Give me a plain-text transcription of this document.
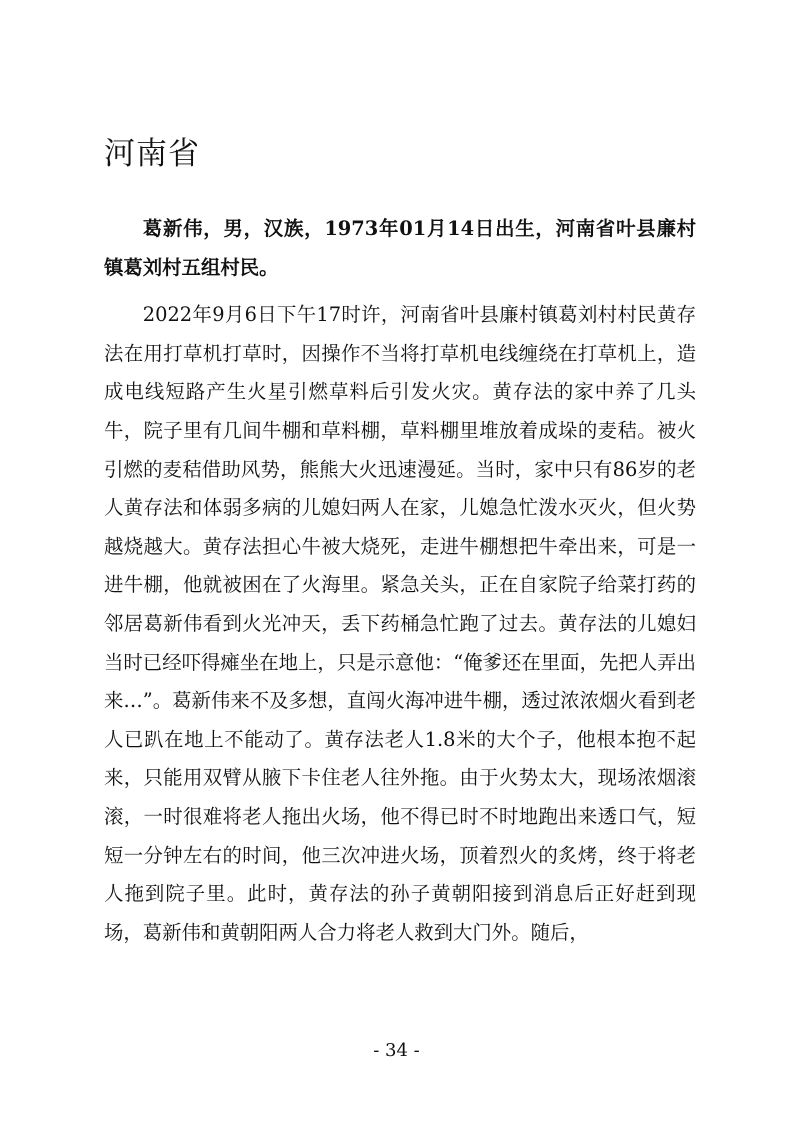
河南省

葛新伟，男，汉族，1973年01月14日出生，河南省叶县廉村镇葛刘村五组村民。

2022年9月6日下午17时许，河南省叶县廉村镇葛刘村村民黄存法在用打草机打草时，因操作不当将打草机电线缠绕在打草机上，造成电线短路产生火星引燃草料后引发火灾。黄存法的家中养了几头牛，院子里有几间牛棚和草料棚，草料棚里堆放着成垛的麦秸。被火引燃的麦秸借助风势，熊熊大火迅速漫延。当时，家中只有86岁的老人黄存法和体弱多病的儿媳妇两人在家，儿媳急忙泼水灭火，但火势越烧越大。黄存法担心牛被大烧死，走进牛棚想把牛牵出来，可是一进牛棚，他就被困在了火海里。紧急关头，正在自家院子给菜打药的邻居葛新伟看到火光冲天，丢下药桶急忙跑了过去。黄存法的儿媳妇当时已经吓得瘫坐在地上，只是示意他：“俺爹还在里面，先把人弄出来…”。葛新伟来不及多想，直闯火海冲进牛棚，透过浓浓烟火看到老人已趴在地上不能动了。黄存法老人1.8米的大个子，他根本抱不起来，只能用双臂从腋下卡住老人往外拖。由于火势太大，现场浓烟滚滚，一时很难将老人拖出火场，他不得已时不时地跑出来透口气，短短一分钟左右的时间，他三次冲进火场，顶着烈火的炙烤，终于将老人拖到院子里。此时，黄存法的孙子黄朝阳接到消息后正好赶到现场，葛新伟和黄朝阳两人合力将老人救到大门外。随后，

- 34 -
